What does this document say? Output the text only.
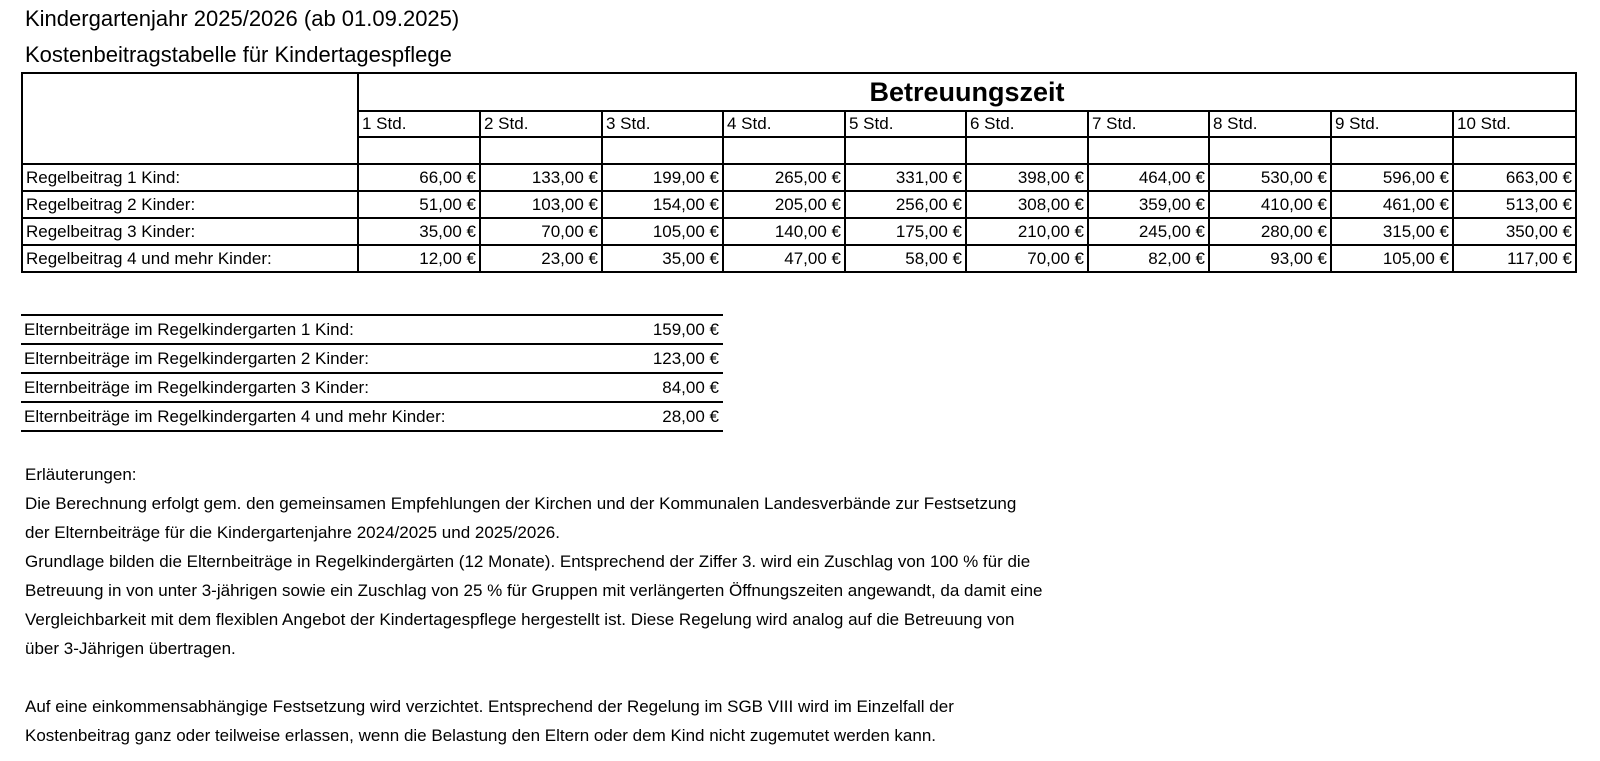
Kindergartenjahr 2025/2026 (ab 01.09.2025)
Kostenbeitragstabelle für Kindertagespflege
	Betreuungszeit									
	1 Std.	2 Std.	3 Std.	4 Std.	5 Std.	6 Std.	7 Std.	8 Std.	9 Std.	10 Std.

Regelbeitrag 1 Kind:	66,00 €	133,00 €	199,00 €	265,00 €	331,00 €	398,00 €	464,00 €	530,00 €	596,00 €	663,00 €
Regelbeitrag 2 Kinder:	51,00 €	103,00 €	154,00 €	205,00 €	256,00 €	308,00 €	359,00 €	410,00 €	461,00 €	513,00 €
Regelbeitrag 3 Kinder:	35,00 €	70,00 €	105,00 €	140,00 €	175,00 €	210,00 €	245,00 €	280,00 €	315,00 €	350,00 €
Regelbeitrag 4 und mehr Kinder:	12,00 €	23,00 €	35,00 €	47,00 €	58,00 €	70,00 €	82,00 €	93,00 €	105,00 €	117,00 €
Elternbeiträge im Regelkindergarten 1 Kind:	159,00 €
Elternbeiträge im Regelkindergarten 2 Kinder:	123,00 €
Elternbeiträge im Regelkindergarten 3 Kinder:	84,00 €
Elternbeiträge im Regelkindergarten 4 und mehr Kinder:	28,00 €
Erläuterungen:
Die Berechnung erfolgt gem. den gemeinsamen Empfehlungen der Kirchen und der Kommunalen Landesverbände zur Festsetzung
der Elternbeiträge für die Kindergartenjahre 2024/2025 und 2025/2026.
Grundlage bilden die Elternbeiträge in Regelkindergärten (12 Monate). Entsprechend der Ziffer 3. wird ein Zuschlag von 100 % für die
Betreuung in von unter 3-jährigen sowie ein Zuschlag von 25 % für Gruppen mit verlängerten Öffnungszeiten angewandt, da damit eine
Vergleichbarkeit mit dem flexiblen Angebot der Kindertagespflege hergestellt ist. Diese Regelung wird analog auf die Betreuung von
über 3-Jährigen übertragen.
Auf eine einkommensabhängige Festsetzung wird verzichtet. Entsprechend der Regelung im SGB VIII wird im Einzelfall der
Kostenbeitrag ganz oder teilweise erlassen, wenn die Belastung den Eltern oder dem Kind nicht zugemutet werden kann.
